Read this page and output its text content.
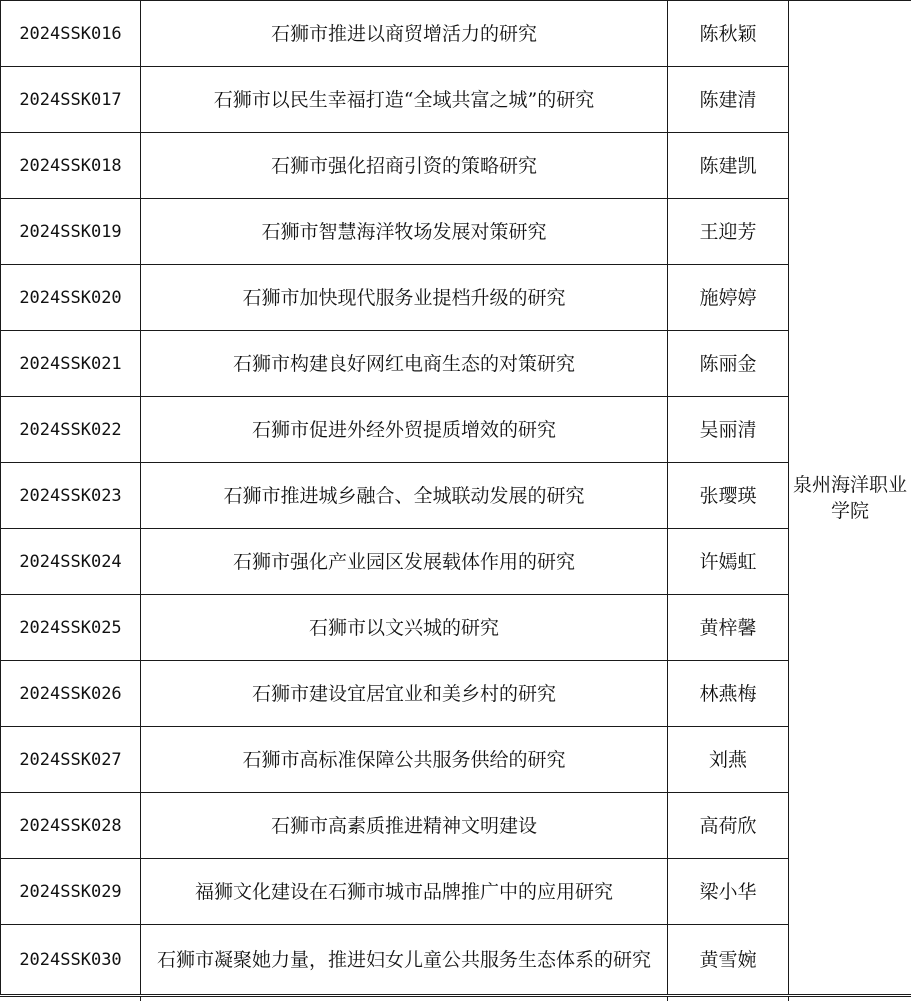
2024SSK016	石狮市推进以商贸增活力的研究	陈秋颖	泉州海洋职业学院
2024SSK017	石狮市以民生幸福打造“全域共富之城”的研究	陈建清	
2024SSK018	石狮市强化招商引资的策略研究	陈建凯	
2024SSK019	石狮市智慧海洋牧场发展对策研究	王迎芳	
2024SSK020	石狮市加快现代服务业提档升级的研究	施婷婷	
2024SSK021	石狮市构建良好网红电商生态的对策研究	陈丽金	
2024SSK022	石狮市促进外经外贸提质增效的研究	吴丽清	
2024SSK023	石狮市推进城乡融合、全城联动发展的研究	张璎瑛	
2024SSK024	石狮市强化产业园区发展载体作用的研究	许嫣虹	
2024SSK025	石狮市以文兴城的研究	黄梓馨	
2024SSK026	石狮市建设宜居宜业和美乡村的研究	林燕梅	
2024SSK027	石狮市高标准保障公共服务供给的研究	刘燕	
2024SSK028	石狮市高素质推进精神文明建设	高荷欣	
2024SSK029	福狮文化建设在石狮市城市品牌推广中的应用研究	梁小华	
2024SSK030	石狮市凝聚她力量，推进妇女儿童公共服务生态体系的研究	黄雪婉	
